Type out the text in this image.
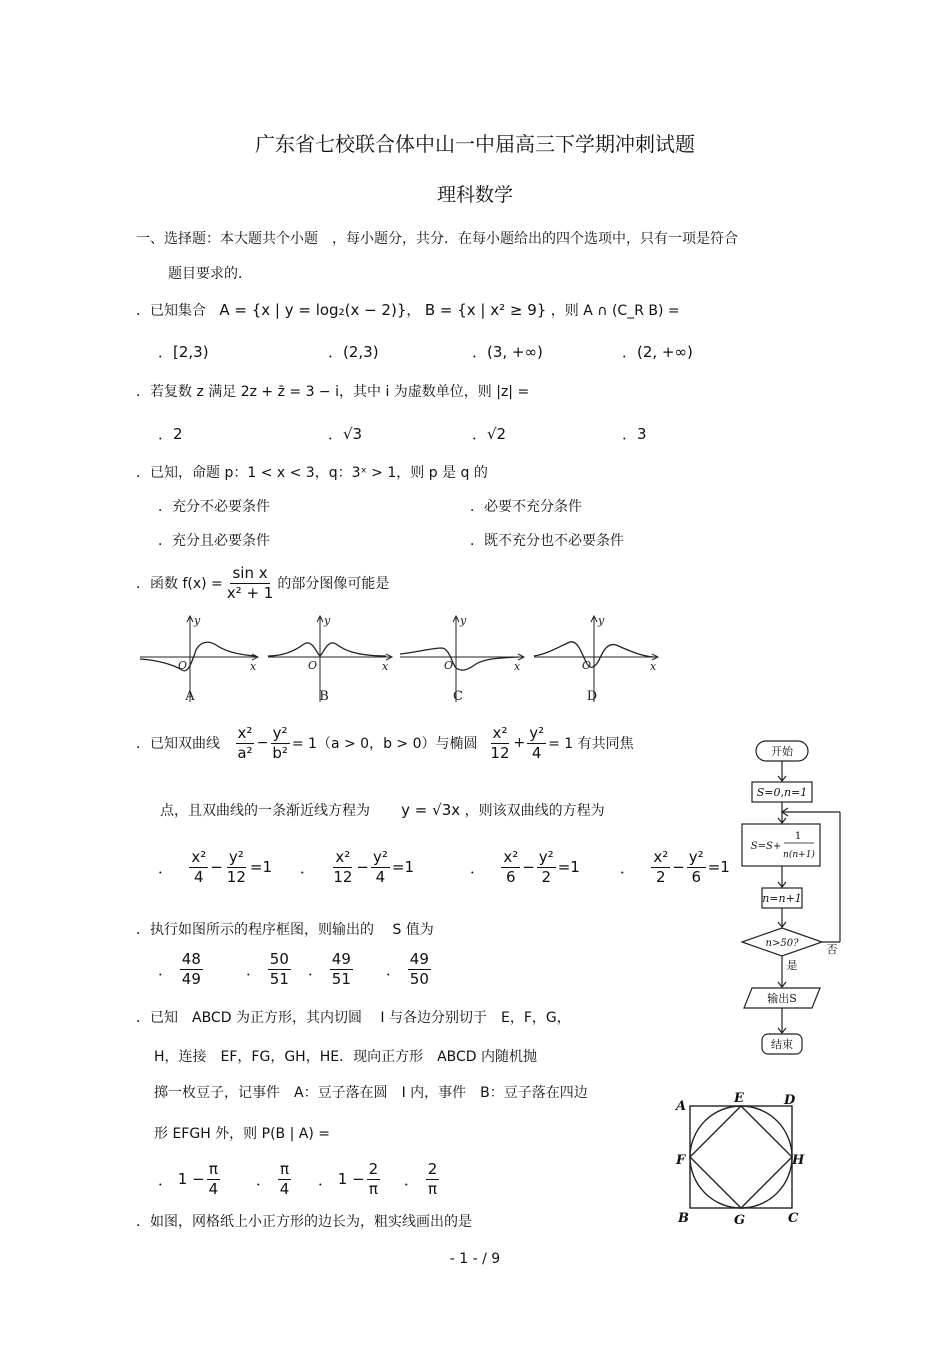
广东省七校联合体中山一中届高三下学期冲刺试题
理科数学
一、选择题：本大题共个小题　，每小题分，共分．在每小题给出的四个选项中，只有一项是符合
题目要求的．
．已知集合 A = {x | y = log₂(x − 2)}， B = {x | x² ≥ 9} ，则 A ∩ (C_R B) =
．[2,3)	．(2,3)	．(3, +∞)	．(2, +∞)
．若复数 z 满足 2z + z̄ = 3 − i，其中 i 为虚数单位，则 |z| =
．2	．√3	．√2	．3
．已知，命题 p：1 < x < 3，q：3ˣ > 1，则 p 是 q 的
．充分不必要条件	．必要不充分条件
．充分且必要条件	．既不充分也不必要条件
．函数 $f(x) = \frac{\text{sin x}}{\text{x² + 1}}$ 的部分图像可能是
y
x
O
y
x
O
y
x
O
y
x
O
A	B	C	D
．已知双曲线
$\frac{\text{x²}}{\text{a²}} - \frac{\text{y²}}{\text{b²}} = 1(a > 0$，b > 0）与椭圆
$\frac{\text{x²}}{12} + \frac{\text{y²}}{4} = 1$ 有共同焦
点，且双曲线的一条渐近线方程为 y = √3x ，则该双曲线的方程为
．
$\frac{\text{x²}}{4} - \frac{\text{y²}}{12} =1$ ．
$\frac{\text{x²}}{12} - \frac{\text{y²}}{4} =1$	．
$\frac{\text{x²}}{6} - \frac{\text{y²}}{2} =1$	．
$\frac{\text{x²}}{2} - \frac{\text{y²}}{6} =1$
．执行如图所示的程序框图，则输出的　 S 值为
． $\frac{48}{49}$	． $\frac{50}{51}$ ． $\frac{49}{51}$ ． $\frac{49}{50}$
开始
S=0,n=1
S=S+
1
n(n+1)
n=n+1
n>50?	否
是
输出S
结束
．已知　ABCD 为正方形，其内切圆　 I 与各边分别切于　E，F，G，
H，连接　EF，FG，GH，HE．现向正方形　ABCD 内随机抛
掷一枚豆子，记事件　A：豆子落在圆　I 内，事件　B：豆子落在四边
形 EFGH 外，则 P(B | A) =
． $1 - \frac{\pi}{4}$ ． $\frac{\pi}{4}$ ． $1 - \frac{2}{\pi}$ ． $\frac{2}{\pi}$
A
E	D
F	H
B	G	C
．如图，网格纸上小正方形的边长为，粗实线画出的是
- 1 - / 9
